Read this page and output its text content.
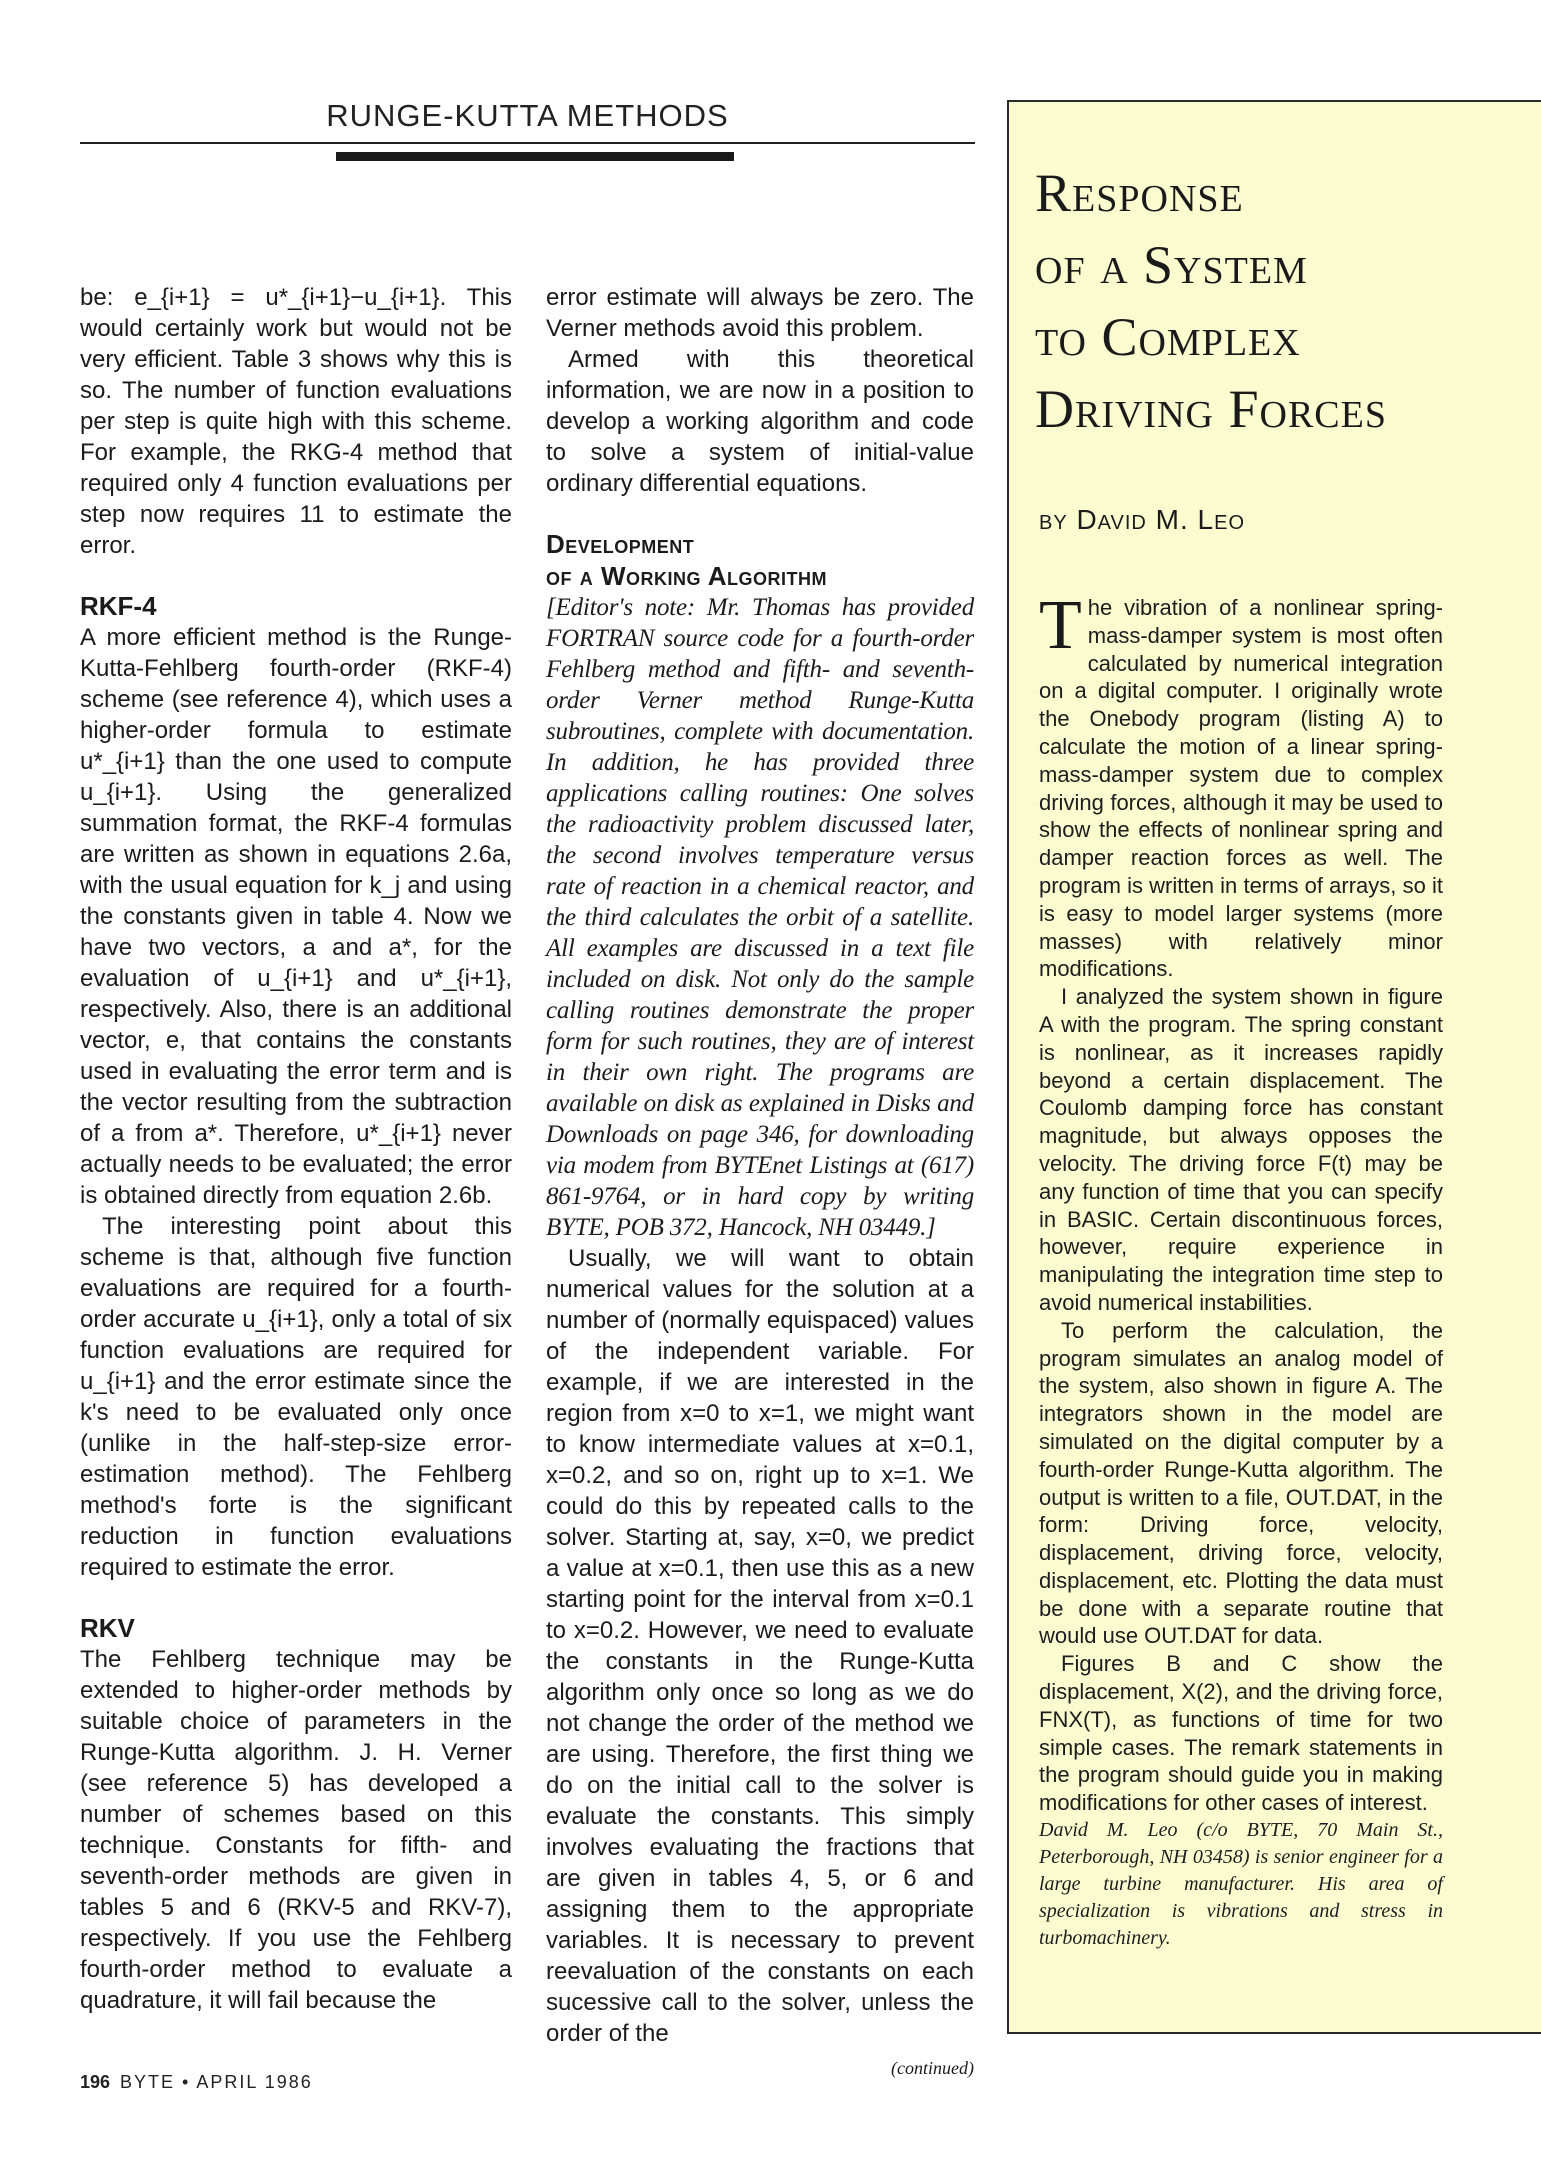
RUNGE-KUTTA METHODS

be: e_{i+1} = u*_{i+1}−u_{i+1}. This would certainly work but would not be very efficient. Table 3 shows why this is so. The number of function evaluations per step is quite high with this scheme. For example, the RKG-4 method that required only 4 function evaluations per step now requires 11 to estimate the error.

RKF-4

A more efficient method is the Runge-Kutta-Fehlberg fourth-order (RKF-4) scheme (see reference 4), which uses a higher-order formula to estimate u*_{i+1} than the one used to compute u_{i+1}. Using the generalized summation format, the RKF-4 formulas are written as shown in equations 2.6a, with the usual equation for k_j and using the constants given in table 4. Now we have two vectors, a and a*, for the evaluation of u_{i+1} and u*_{i+1}, respectively. Also, there is an additional vector, e, that contains the constants used in evaluating the error term and is the vector resulting from the subtraction of a from a*. Therefore, u*_{i+1} never actually needs to be evaluated; the error is obtained directly from equation 2.6b.

The interesting point about this scheme is that, although five function evaluations are required for a fourth-order accurate u_{i+1}, only a total of six function evaluations are required for u_{i+1} and the error estimate since the k's need to be evaluated only once (unlike in the half-step-size error-estimation method). The Fehlberg method's forte is the significant reduction in function evaluations required to estimate the error.

RKV

The Fehlberg technique may be extended to higher-order methods by suitable choice of parameters in the Runge-Kutta algorithm. J. H. Verner (see reference 5) has developed a number of schemes based on this technique. Constants for fifth- and seventh-order methods are given in tables 5 and 6 (RKV-5 and RKV-7), respectively. If you use the Fehlberg fourth-order method to evaluate a quadrature, it will fail because the

error estimate will always be zero. The Verner methods avoid this problem.

Armed with this theoretical information, we are now in a position to develop a working algorithm and code to solve a system of initial-value ordinary differential equations.

Development
of a Working Algorithm

[Editor's note: Mr. Thomas has provided FORTRAN source code for a fourth-order Fehlberg method and fifth- and seventh-order Verner method Runge-Kutta subroutines, complete with documentation. In addition, he has provided three applications calling routines: One solves the radioactivity problem discussed later, the second involves temperature versus rate of reaction in a chemical reactor, and the third calculates the orbit of a satellite. All examples are discussed in a text file included on disk. Not only do the sample calling routines demonstrate the proper form for such routines, they are of interest in their own right. The programs are available on disk as explained in Disks and Downloads on page 346, for downloading via modem from BYTEnet Listings at (617) 861-9764, or in hard copy by writing BYTE, POB 372, Hancock, NH 03449.]

Usually, we will want to obtain numerical values for the solution at a number of (normally equispaced) values of the independent variable. For example, if we are interested in the region from x=0 to x=1, we might want to know intermediate values at x=0.1, x=0.2, and so on, right up to x=1. We could do this by repeated calls to the solver. Starting at, say, x=0, we predict a value at x=0.1, then use this as a new starting point for the interval from x=0.1 to x=0.2. However, we need to evaluate the constants in the Runge-Kutta algorithm only once so long as we do not change the order of the method we are using. Therefore, the first thing we do on the initial call to the solver is evaluate the constants. This simply involves evaluating the fractions that are given in tables 4, 5, or 6 and assigning them to the appropriate variables. It is necessary to prevent reevaluation of the constants on each sucessive call to the solver, unless the order of the

(continued)
Response
of a System
to Complex
Driving Forces
by David M. Leo

The vibration of a nonlinear spring-mass-damper system is most often calculated by numerical integration on a digital computer. I originally wrote the Onebody program (listing A) to calculate the motion of a linear spring-mass-damper system due to complex driving forces, although it may be used to show the effects of nonlinear spring and damper reaction forces as well. The program is written in terms of arrays, so it is easy to model larger systems (more masses) with relatively minor modifications.

I analyzed the system shown in figure A with the program. The spring constant is nonlinear, as it increases rapidly beyond a certain displacement. The Coulomb damping force has constant magnitude, but always opposes the velocity. The driving force F(t) may be any function of time that you can specify in BASIC. Certain discontinuous forces, however, require experience in manipulating the integration time step to avoid numerical instabilities.

To perform the calculation, the program simulates an analog model of the system, also shown in figure A. The integrators shown in the model are simulated on the digital computer by a fourth-order Runge-Kutta algorithm. The output is written to a file, OUT.DAT, in the form: Driving force, velocity, displacement, driving force, velocity, displacement, etc. Plotting the data must be done with a separate routine that would use OUT.DAT for data.

Figures B and C show the displacement, X(2), and the driving force, FNX(T), as functions of time for two simple cases. The remark statements in the program should guide you in making modifications for other cases of interest.

David M. Leo (c/o BYTE, 70 Main St., Peterborough, NH 03458) is senior engineer for a large turbine manufacturer. His area of specialization is vibrations and stress in turbomachinery.

196 BYTE • APRIL 1986
